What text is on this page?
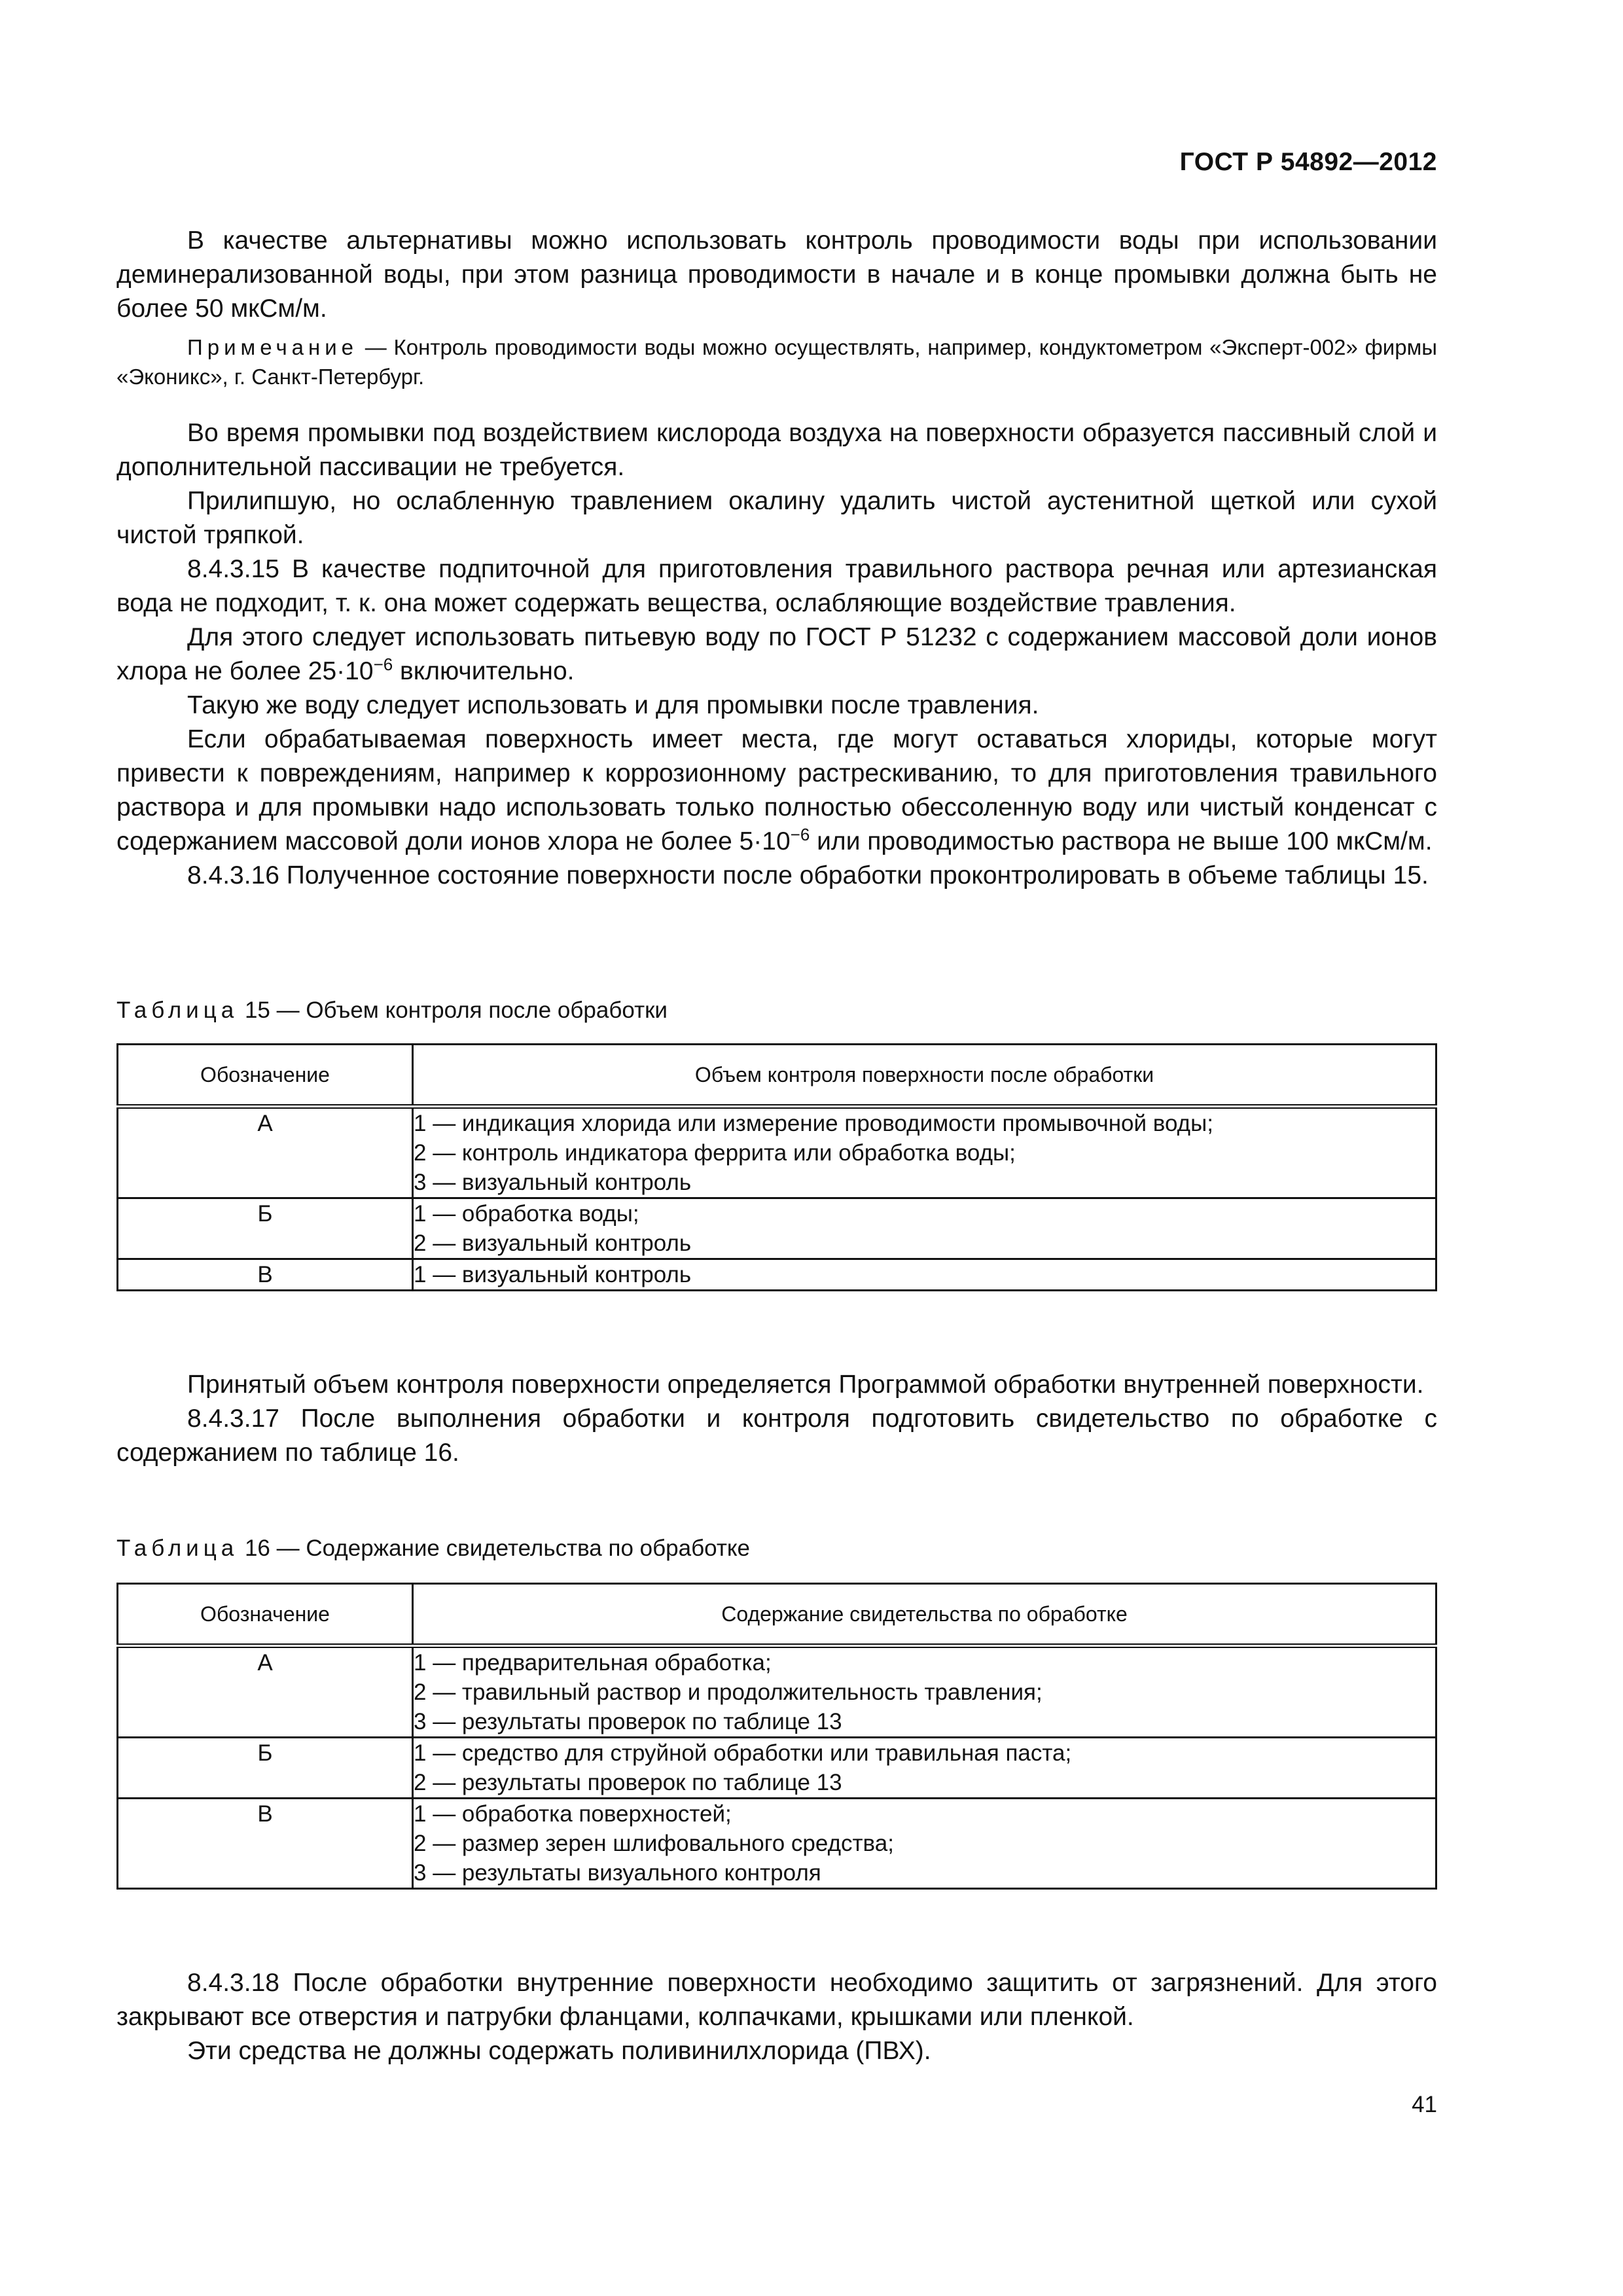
ГОСТ Р 54892—2012

В качестве альтернативы можно использовать контроль проводимости воды при использовании деминерализованной воды, при этом разница проводимости в начале и в конце промывки должна быть не более 50 мкСм/м.

Примечание — Контроль проводимости воды можно осуществлять, например, кондуктометром «Эксперт-002» фирмы «Эконикс», г. Санкт-Петербург.

Во время промывки под воздействием кислорода воздуха на поверхности образуется пассивный слой и дополнительной пассивации не требуется.

Прилипшую, но ослабленную травлением окалину удалить чистой аустенитной щеткой или сухой чистой тряпкой.

8.4.3.15 В качестве подпиточной для приготовления травильного раствора речная или артезианская вода не подходит, т. к. она может содержать вещества, ослабляющие воздействие травления.

Для этого следует использовать питьевую воду по ГОСТ Р 51232 с содержанием массовой доли ионов хлора не более $25\cdot 10^{-6}$ включительно.

Такую же воду следует использовать и для промывки после травления.

Если обрабатываемая поверхность имеет места, где могут оставаться хлориды, которые могут привести к повреждениям, например к коррозионному растрескиванию, то для приготовления травильного раствора и для промывки надо использовать только полностью обессоленную воду или чистый конденсат с содержанием массовой доли ионов хлора не более $5\cdot 10^{-6}$ или проводимостью раствора не выше 100 мкСм/м.

8.4.3.16 Полученное состояние поверхности после обработки проконтролировать в объеме таблицы 15.

Таблица 15 — Объем контроля после обработки
Обозначение	Объем контроля поверхности после обработки
А	1 — индикация хлорида или измерение проводимости промывочной воды;
2 — контроль индикатора феррита или обработка воды;
3 — визуальный контроль

Б	1 — обработка воды;
2 — визуальный контроль

В	1 — визуальный контроль

Принятый объем контроля поверхности определяется Программой обработки внутренней поверхности.

8.4.3.17 После выполнения обработки и контроля подготовить свидетельство по обработке с содержанием по таблице 16.

Таблица 16 — Содержание свидетельства по обработке
Обозначение	Содержание свидетельства по обработке
А	1 — предварительная обработка;
2 — травильный раствор и продолжительность травления;
3 — результаты проверок по таблице 13

Б	1 — средство для струйной обработки или травильная паста;
2 — результаты проверок по таблице 13

В	1 — обработка поверхностей;
2 — размер зерен шлифовального средства;
3 — результаты визуального контроля

8.4.3.18 После обработки внутренние поверхности необходимо защитить от загрязнений. Для этого закрывают все отверстия и патрубки фланцами, колпачками, крышками или пленкой.

Эти средства не должны содержать поливинилхлорида (ПВХ).

41
